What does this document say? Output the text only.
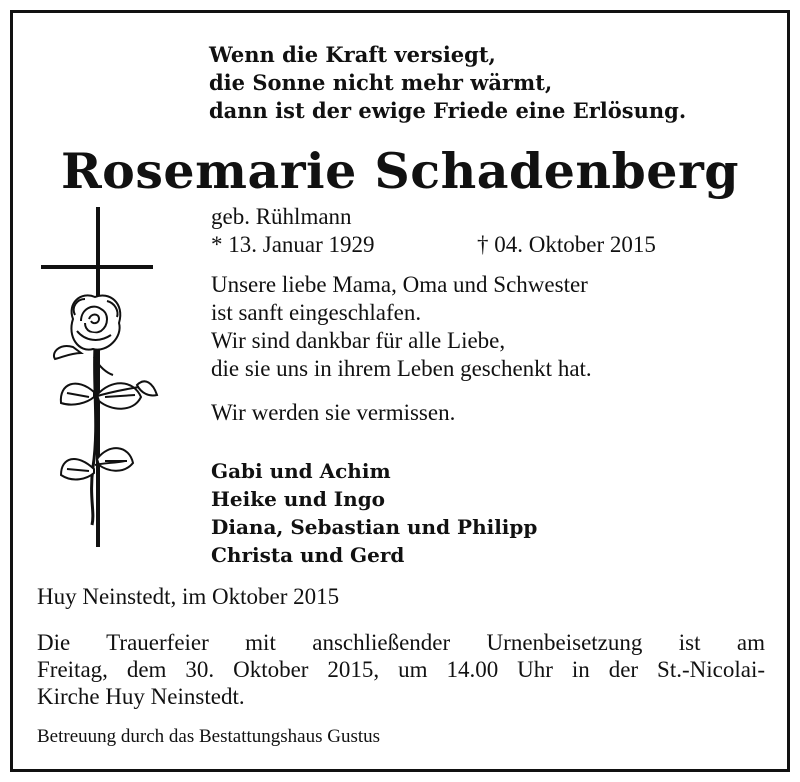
Wenn die Kraft versiegt,
die Sonne nicht mehr wärmt,
dann ist der ewige Friede eine Erlösung.
Rosemarie Schadenberg
geb. Rühlmann
* 13. Januar 1929	† 04. Oktober 2015
Unsere liebe Mama, Oma und Schwester
ist sanft eingeschlafen.
Wir sind dankbar für alle Liebe,
die sie uns in ihrem Leben geschenkt hat.
Wir werden sie vermissen.
Gabi und Achim
Heike und Ingo
Diana, Sebastian und Philipp
Christa und Gerd
Huy Neinstedt, im Oktober 2015
Die Trauerfeier mit anschließender Urnenbeisetzung ist am
Freitag, dem 30. Oktober 2015, um 14.00 Uhr in der St.-Nicolai-
Kirche Huy Neinstedt.
Betreuung durch das Bestattungshaus Gustus
